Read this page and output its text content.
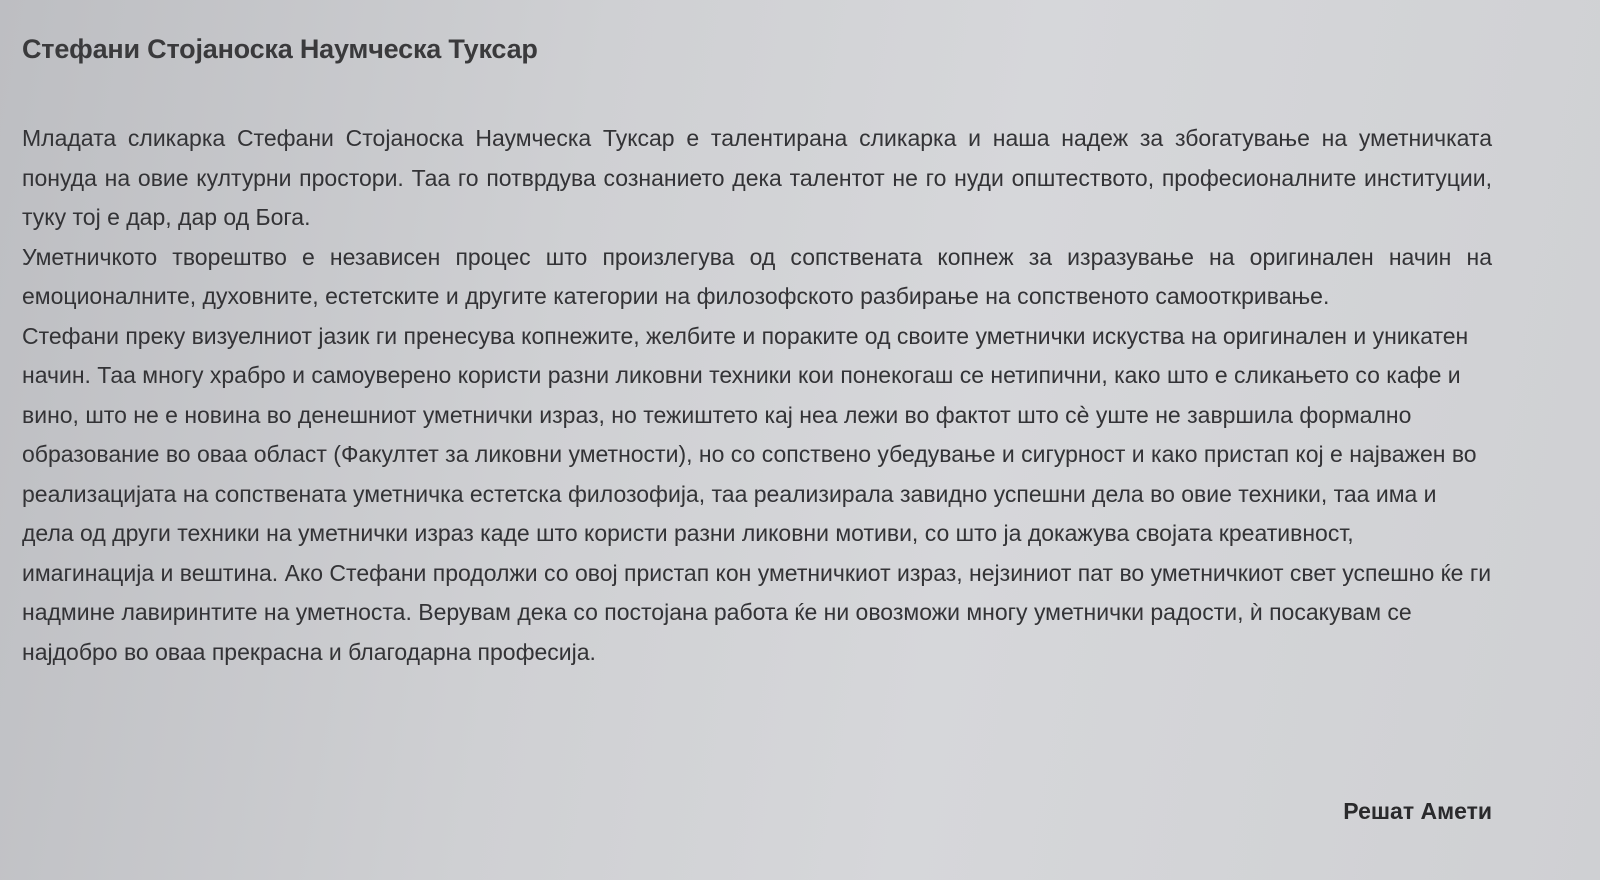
Стефани Стојаноска Наумческа Туксар

Младата сликарка Стефани Стојаноска Наумческа Туксар е талентирана сликарка и наша надеж за збогатување на уметничката понуда на овие културни простори. Таа го потврдува сознанието дека талентот не го нуди општеството, професионалните институции, туку тој е дар, дар од Бога.

Уметничкото творештво е независен процес што произлегува од сопствената копнеж за изразување на оригинален начин на емоционалните, духовните, естетските и другите категории на филозофското разбирање на сопственото самооткривање.

Стефани преку визуелниот јазик ги пренесува копнежите, желбите и пораките од своите уметнички искуства на оригинален и уникатен начин. Таа многу храбро и самоуверено користи разни ликовни техники кои понекогаш се нетипични, како што е сликањето со кафе и вино, што не е новина во денешниот уметнички израз, но тежиштето кај неа лежи во фактот што сè уште не завршила формално образование во оваа област (Факултет за ликовни уметности), но со сопствено убедување и сигурност и како пристап кој е најважен во реализацијата на сопствената уметничка естетска филозофија, таа реализирала завидно успешни дела во овие техники, таа има и дела од други техники на уметнички израз каде што користи разни ликовни мотиви, со што ја докажува својата креативност, имагинација и вештина. Ако Стефани продолжи со овој пристап кон уметничкиот израз, нејзиниот пат во уметничкиот свет успешно ќе ги надмине лавиринтите на уметноста. Верувам дека со постојана работа ќе ни овозможи многу уметнички радости, ѝ посакувам се најдобро во оваа прекрасна и благодарна професија.

Решат Амети
